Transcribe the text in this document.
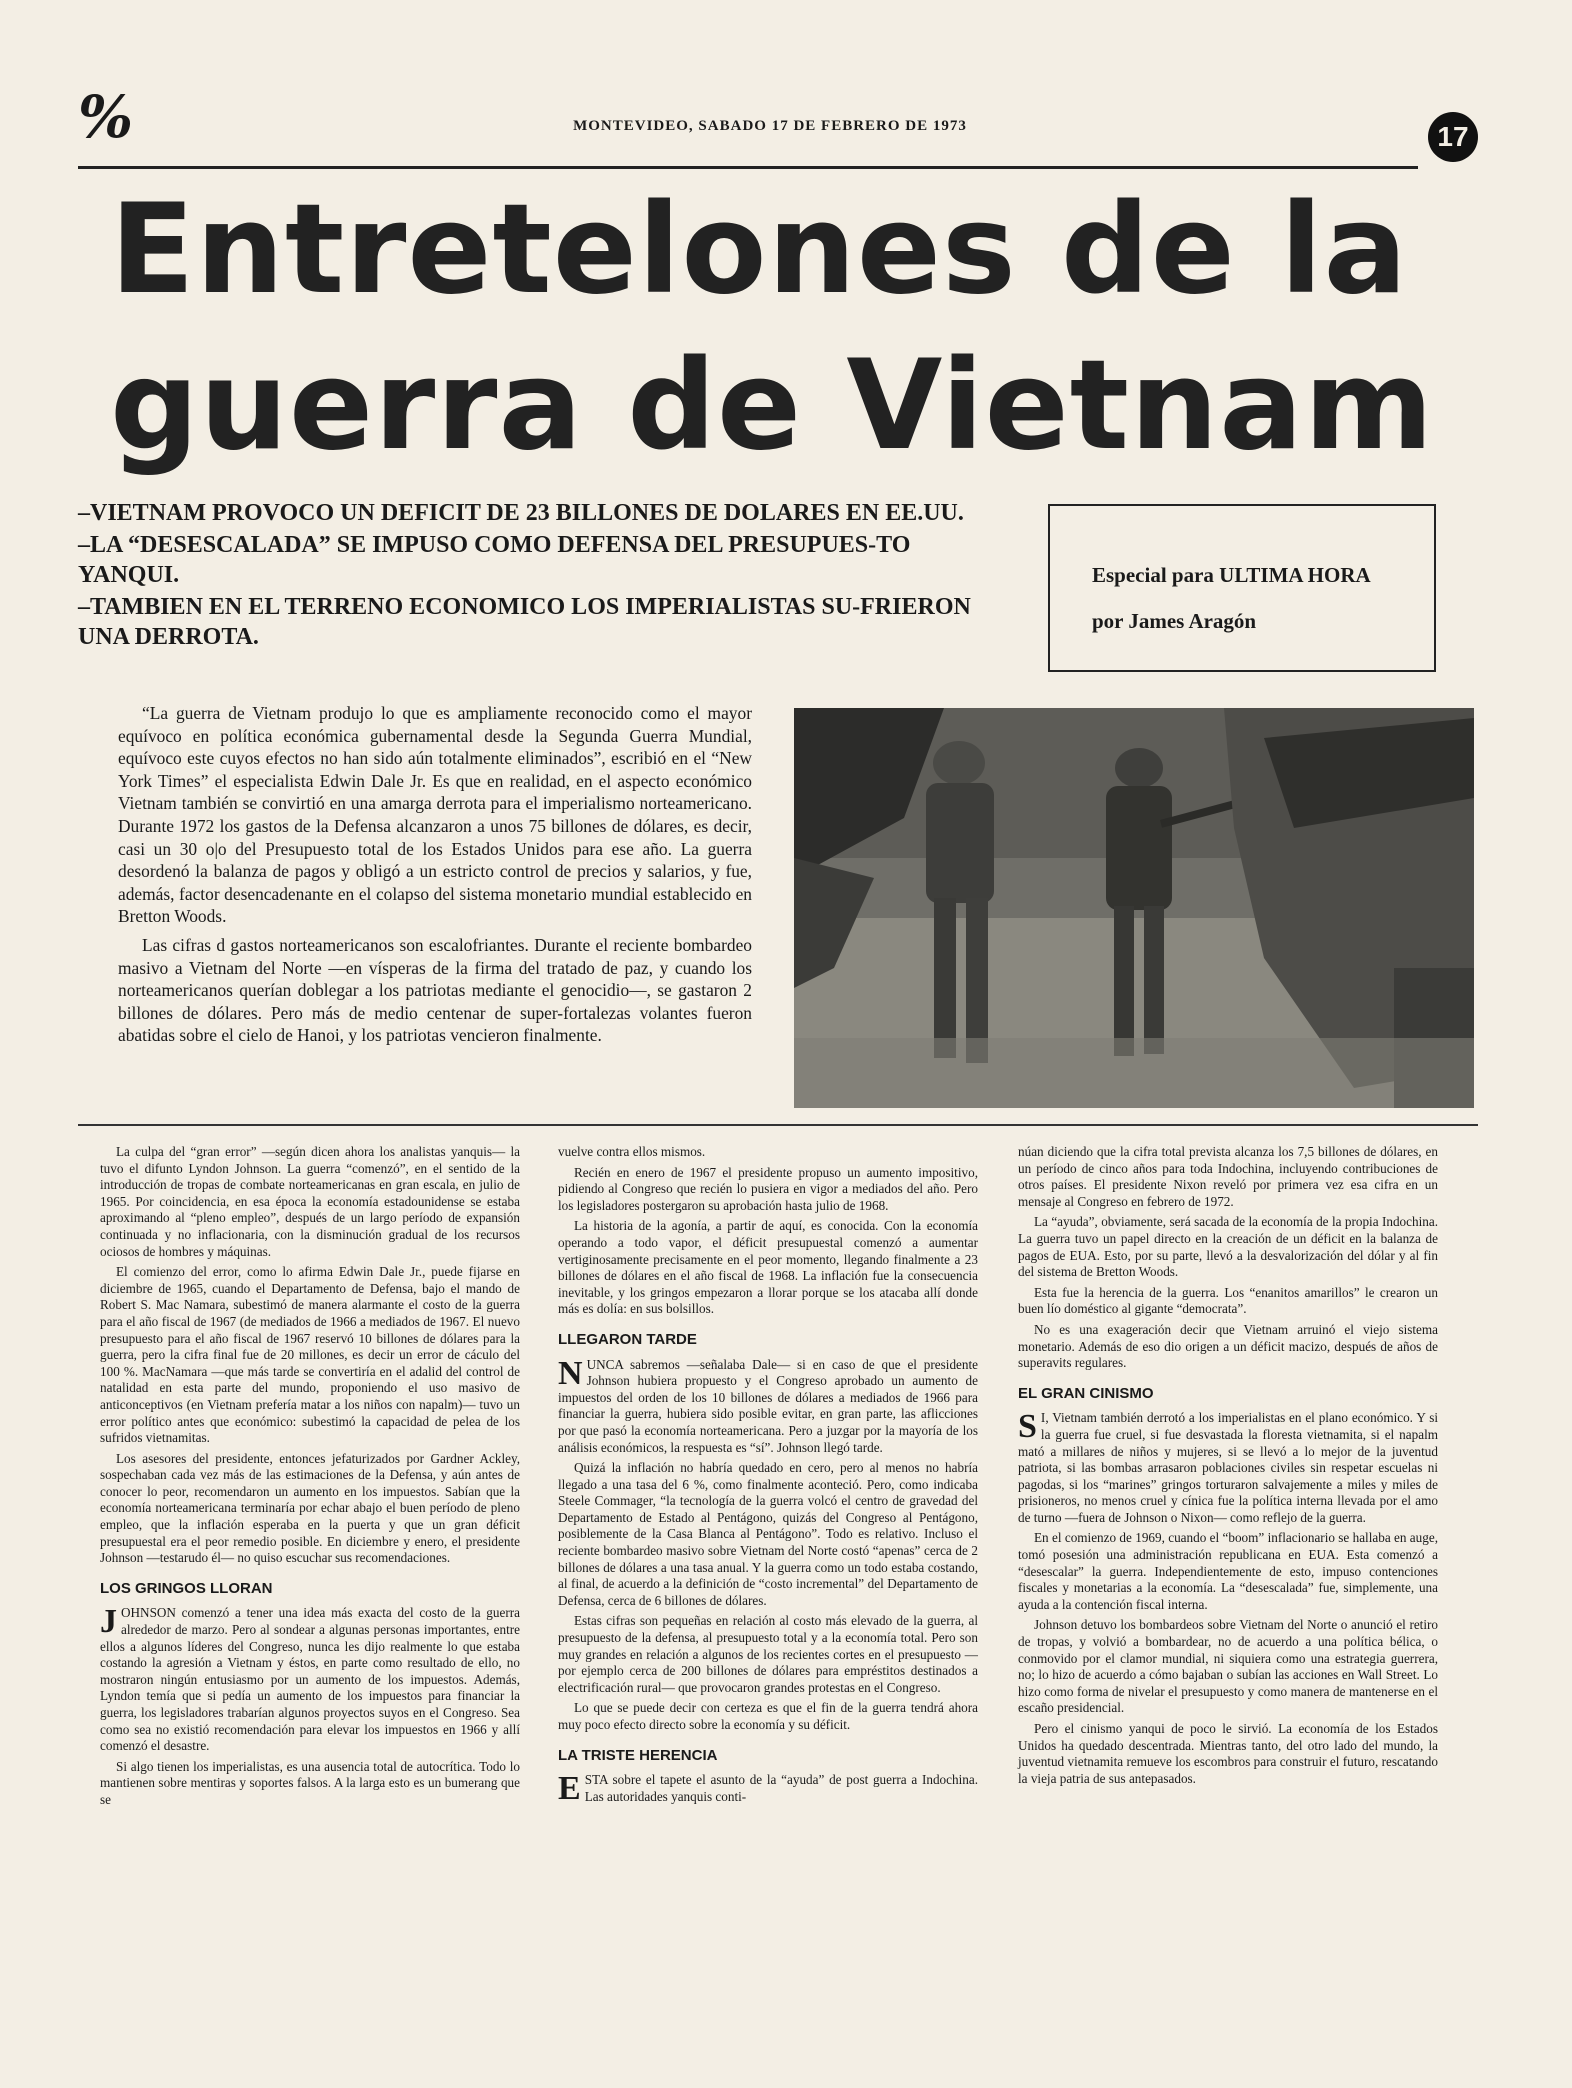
%	MONTEVIDEO, SABADO 17 DE FEBRERO DE 1973	17
Entretelones de la
guerra de Vietnam

–VIETNAM PROVOCO UN DEFICIT DE 23 BILLONES DE DOLARES EN EE.UU.

–LA “DESESCALADA” SE IMPUSO COMO DEFENSA DEL PRESUPUES-TO YANQUI.

–TAMBIEN EN EL TERRENO ECONOMICO LOS IMPERIALISTAS SU-FRIERON UNA DERROTA.

Especial para ULTIMA HORA
por James Aragón

“La guerra de Vietnam produjo lo que es ampliamente reconocido como el mayor equívoco en política económica gubernamental desde la Segunda Guerra Mundial, equívoco este cuyos efectos no han sido aún totalmente eliminados”, escribió en el “New York Times” el especialista Edwin Dale Jr. Es que en realidad, en el aspecto económico Vietnam también se convirtió en una amarga derrota para el imperialismo norteamericano. Durante 1972 los gastos de la Defensa alcanzaron a unos 75 billones de dólares, es decir, casi un 30 o|o del Presupuesto total de los Estados Unidos para ese año. La guerra desordenó la balanza de pagos y obligó a un estricto control de precios y salarios, y fue, además, factor desencadenante en el colapso del sistema monetario mundial establecido en Bretton Woods.

Las cifras d gastos norteamericanos son escalofriantes. Durante el reciente bombardeo masivo a Vietnam del Norte —en vísperas de la firma del tratado de paz, y cuando los norteamericanos querían doblegar a los patriotas mediante el genocidio—, se gastaron 2 billones de dólares. Pero más de medio centenar de super-fortalezas volantes fueron abatidas sobre el cielo de Hanoi, y los patriotas vencieron finalmente.

La culpa del “gran error” —según dicen ahora los analistas yanquis— la tuvo el difunto Lyndon Johnson. La guerra “comenzó”, en el sentido de la introducción de tropas de combate norteamericanas en gran escala, en julio de 1965. Por coincidencia, en esa época la economía estadounidense se estaba aproximando al “pleno empleo”, después de un largo período de expansión continuada y no inflacionaria, con la disminución gradual de los recursos ociosos de hombres y máquinas.

El comienzo del error, como lo afirma Edwin Dale Jr., puede fijarse en diciembre de 1965, cuando el Departamento de Defensa, bajo el mando de Robert S. Mac Namara, subestimó de manera alarmante el costo de la guerra para el año fiscal de 1967 (de mediados de 1966 a mediados de 1967. El nuevo presupuesto para el año fiscal de 1967 reservó 10 billones de dólares para la guerra, pero la cifra final fue de 20 millones, es decir un error de cáculo del 100 %. MacNamara —que más tarde se convertiría en el adalid del control de natalidad en esta parte del mundo, proponiendo el uso masivo de anticonceptivos (en Vietnam prefería matar a los niños con napalm)— tuvo un error político antes que económico: subestimó la capacidad de pelea de los sufridos vietnamitas.

Los asesores del presidente, entonces jefaturizados por Gardner Ackley, sospechaban cada vez más de las estimaciones de la Defensa, y aún antes de conocer lo peor, recomendaron un aumento en los impuestos. Sabían que la economía norteamericana terminaría por echar abajo el buen período de pleno empleo, que la inflación esperaba en la puerta y que un gran déficit presupuestal era el peor remedio posible. En diciembre y enero, el presidente Johnson —testarudo él— no quiso escuchar sus recomendaciones.

LOS GRINGOS LLORAN

JOHNSON comenzó a tener una idea más exacta del costo de la guerra alrededor de marzo. Pero al sondear a algunas personas importantes, entre ellos a algunos líderes del Congreso, nunca les dijo realmente lo que estaba costando la agresión a Vietnam y éstos, en parte como resultado de ello, no mostraron ningún entusiasmo por un aumento de los impuestos. Además, Lyndon temía que si pedía un aumento de los impuestos para financiar la guerra, los legisladores trabarían algunos proyectos suyos en el Congreso. Sea como sea no existió recomendación para elevar los impuestos en 1966 y allí comenzó el desastre.

Si algo tienen los imperialistas, es una ausencia total de autocrítica. Todo lo mantienen sobre mentiras y soportes falsos. A la larga esto es un bumerang que se

vuelve contra ellos mismos.

Recién en enero de 1967 el presidente propuso un aumento impositivo, pidiendo al Congreso que recién lo pusiera en vigor a mediados del año. Pero los legisladores postergaron su aprobación hasta julio de 1968.

La historia de la agonía, a partir de aquí, es conocida. Con la economía operando a todo vapor, el déficit presupuestal comenzó a aumentar vertiginosamente precisamente en el peor momento, llegando finalmente a 23 billones de dólares en el año fiscal de 1968. La inflación fue la consecuencia inevitable, y los gringos empezaron a llorar porque se los atacaba allí donde más es dolía: en sus bolsillos.

LLEGARON TARDE

NUNCA sabremos —señalaba Dale— si en caso de que el presidente Johnson hubiera propuesto y el Congreso aprobado un aumento de impuestos del orden de los 10 billones de dólares a mediados de 1966 para financiar la guerra, hubiera sido posible evitar, en gran parte, las aflicciones por que pasó la economía norteamericana. Pero a juzgar por la mayoría de los análisis económicos, la respuesta es “sí”. Johnson llegó tarde.

Quizá la inflación no habría quedado en cero, pero al menos no habría llegado a una tasa del 6 %, como finalmente aconteció. Pero, como indicaba Steele Commager, “la tecnología de la guerra volcó el centro de gravedad del Departamento de Estado al Pentágono, quizás del Congreso al Pentágono, posiblemente de la Casa Blanca al Pentágono”. Todo es relativo. Incluso el reciente bombardeo masivo sobre Vietnam del Norte costó “apenas” cerca de 2 billones de dólares a una tasa anual. Y la guerra como un todo estaba costando, al final, de acuerdo a la definición de “costo incremental” del Departamento de Defensa, cerca de 6 billones de dólares.

Estas cifras son pequeñas en relación al costo más elevado de la guerra, al presupuesto de la defensa, al presupuesto total y a la economía total. Pero son muy grandes en relación a algunos de los recientes cortes en el presupuesto —por ejemplo cerca de 200 billones de dólares para empréstitos destinados a electrificación rural— que provocaron grandes protestas en el Congreso.

Lo que se puede decir con certeza es que el fin de la guerra tendrá ahora muy poco efecto directo sobre la economía y su déficit.

LA TRISTE HERENCIA

ESTA sobre el tapete el asunto de la “ayuda” de post guerra a Indochina. Las autoridades yanquis conti-

núan diciendo que la cifra total prevista alcanza los 7,5 billones de dólares, en un período de cinco años para toda Indochina, incluyendo contribuciones de otros países. El presidente Nixon reveló por primera vez esa cifra en un mensaje al Congreso en febrero de 1972.

La “ayuda”, obviamente, será sacada de la economía de la propia Indochina. La guerra tuvo un papel directo en la creación de un déficit en la balanza de pagos de EUA. Esto, por su parte, llevó a la desvalorización del dólar y al fin del sistema de Bretton Woods.

Esta fue la herencia de la guerra. Los “enanitos amarillos” le crearon un buen lío doméstico al gigante “democrata”.

No es una exageración decir que Vietnam arruinó el viejo sistema monetario. Además de eso dio origen a un déficit macizo, después de años de superavits regulares.

EL GRAN CINISMO

S I, Vietnam también derrotó a los imperialistas en el plano económico. Y si la guerra fue cruel, si fue desvastada la floresta vietnamita, si el napalm mató a millares de niños y mujeres, si se llevó a lo mejor de la juventud patriota, si las bombas arrasaron poblaciones civiles sin respetar escuelas ni pagodas, si los “marines” gringos torturaron salvajemente a miles y miles de prisioneros, no menos cruel y cínica fue la política interna llevada por el amo de turno —fuera de Johnson o Nixon— como reflejo de la guerra.

En el comienzo de 1969, cuando el “boom” inflacionario se hallaba en auge, tomó posesión una administración republicana en EUA. Esta comenzó a “desescalar” la guerra. Independientemente de esto, impuso contenciones fiscales y monetarias a la economía. La “desescalada” fue, simplemente, una ayuda a la contención fiscal interna.

Johnson detuvo los bombardeos sobre Vietnam del Norte o anunció el retiro de tropas, y volvió a bombardear, no de acuerdo a una política bélica, o conmovido por el clamor mundial, ni siquiera como una estrategia guerrera, no; lo hizo de acuerdo a cómo bajaban o subían las acciones en Wall Street. Lo hizo como forma de nivelar el presupuesto y como manera de mantenerse en el escaño presidencial.

Pero el cinismo yanqui de poco le sirvió. La economía de los Estados Unidos ha quedado descentrada. Mientras tanto, del otro lado del mundo, la juventud vietnamita remueve los escombros para construir el futuro, rescatando la vieja patria de sus antepasados.
